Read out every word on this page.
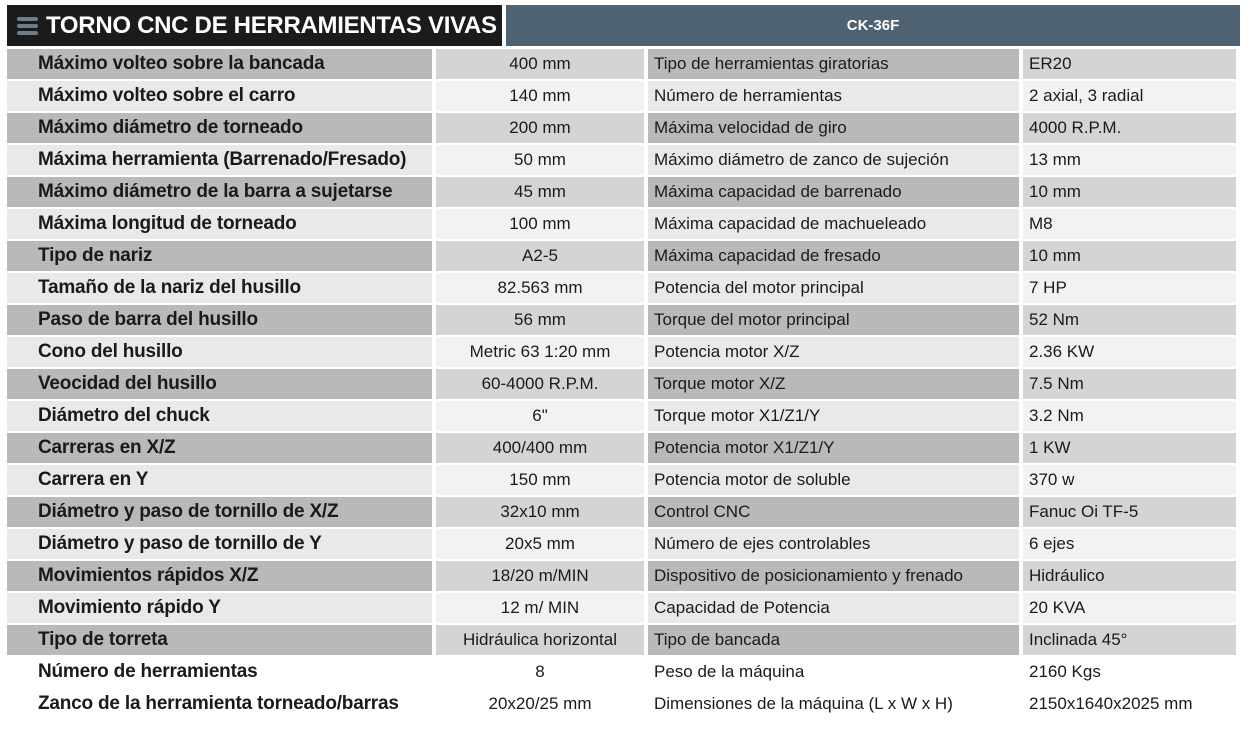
TORNO CNC DE HERRAMIENTAS VIVAS	CK-36F
Máximo volteo sobre la bancada	400 mm	Tipo de herramientas giratorias	ER20
Máximo volteo sobre el carro	140 mm	Número de herramientas	2 axial, 3 radial
Máximo diámetro de torneado	200 mm	Máxima velocidad de giro	4000 R.P.M.
Máxima herramienta (Barrenado/Fresado)	50 mm	Máximo diámetro de zanco de sujeción	13 mm
Máximo diámetro de la barra a sujetarse	45 mm	Máxima capacidad de barrenado	10 mm
Máxima longitud de torneado	100 mm	Máxima capacidad de machueleado	M8
Tipo de nariz	A2-5	Máxima capacidad de fresado	10 mm
Tamaño de la nariz del husillo	82.563 mm	Potencia del motor principal	7 HP
Paso de barra del husillo	56 mm	Torque del motor principal	52 Nm
Cono del husillo	Metric 63 1:20 mm	Potencia motor X/Z	2.36 KW
Veocidad del husillo	60-4000 R.P.M.	Torque motor X/Z	7.5 Nm
Diámetro del chuck	6"	Torque motor X1/Z1/Y	3.2 Nm
Carreras en X/Z	400/400 mm	Potencia motor X1/Z1/Y	1 KW
Carrera en Y	150 mm	Potencia motor de soluble	370 w
Diámetro y paso de tornillo de X/Z	32x10 mm	Control CNC	Fanuc Oi TF-5
Diámetro y paso de tornillo de Y	20x5 mm	Número de ejes controlables	6 ejes
Movimientos rápidos X/Z	18/20 m/MIN	Dispositivo de posicionamiento y frenado	Hidráulico
Movimiento rápido Y	12 m/ MIN	Capacidad de Potencia	20 KVA
Tipo de torreta	Hidráulica horizontal	Tipo de bancada	Inclinada 45°
Número de herramientas	8	Peso de la máquina	2160 Kgs
Zanco de la herramienta torneado/barras	20x20/25 mm	Dimensiones de la máquina (L x W x H)	2150x1640x2025 mm
